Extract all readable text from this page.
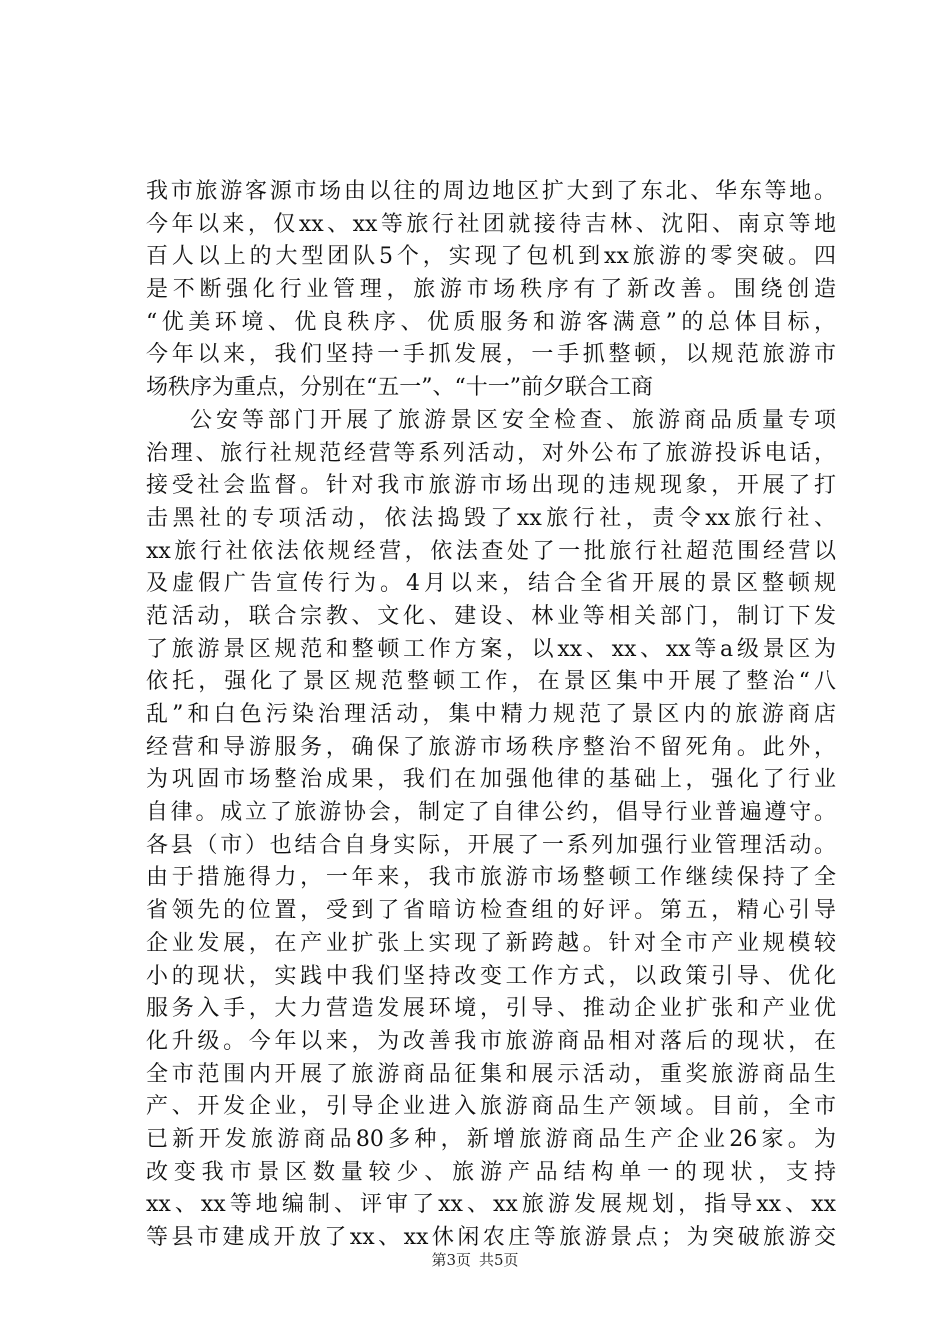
我市旅游客源市场由以往的周边地区扩大到了东北、华东等地。
今年以来，仅xx、xx等旅行社团就接待吉林、沈阳、南京等地
百人以上的大型团队5个，实现了包机到xx旅游的零突破。四
是不断强化行业管理，旅游市场秩序有了新改善。围绕创造
“优美环境、优良秩序、优质服务和游客满意”的总体目标，
今年以来，我们坚持一手抓发展，一手抓整顿，以规范旅游市
场秩序为重点，分别在“五一”、“十一”前夕联合工商
公安等部门开展了旅游景区安全检查、旅游商品质量专项
治理、旅行社规范经营等系列活动，对外公布了旅游投诉电话，
接受社会监督。针对我市旅游市场出现的违规现象，开展了打
击黑社的专项活动，依法捣毁了xx旅行社，责令xx旅行社、
xx旅行社依法依规经营，依法查处了一批旅行社超范围经营以
及虚假广告宣传行为。4月以来，结合全省开展的景区整顿规
范活动，联合宗教、文化、建设、林业等相关部门，制订下发
了旅游景区规范和整顿工作方案，以xx、xx、xx等a级景区为
依托，强化了景区规范整顿工作，在景区集中开展了整治“八
乱”和白色污染治理活动，集中精力规范了景区内的旅游商店
经营和导游服务，确保了旅游市场秩序整治不留死角。此外，
为巩固市场整治成果，我们在加强他律的基础上，强化了行业
自律。成立了旅游协会，制定了自律公约，倡导行业普遍遵守。
各县（市）也结合自身实际，开展了一系列加强行业管理活动。
由于措施得力，一年来，我市旅游市场整顿工作继续保持了全
省领先的位置，受到了省暗访检查组的好评。第五，精心引导
企业发展，在产业扩张上实现了新跨越。针对全市产业规模较
小的现状，实践中我们坚持改变工作方式，以政策引导、优化
服务入手，大力营造发展环境，引导、推动企业扩张和产业优
化升级。今年以来，为改善我市旅游商品相对落后的现状，在
全市范围内开展了旅游商品征集和展示活动，重奖旅游商品生
产、开发企业，引导企业进入旅游商品生产领域。目前，全市
已新开发旅游商品80多种，新增旅游商品生产企业26家。为
改变我市景区数量较少、旅游产品结构单一的现状，支持
xx、xx等地编制、评审了xx、xx旅游发展规划，指导xx、xx
等县市建成开放了xx、xx休闲农庄等旅游景点；为突破旅游交
第3页 共5页
